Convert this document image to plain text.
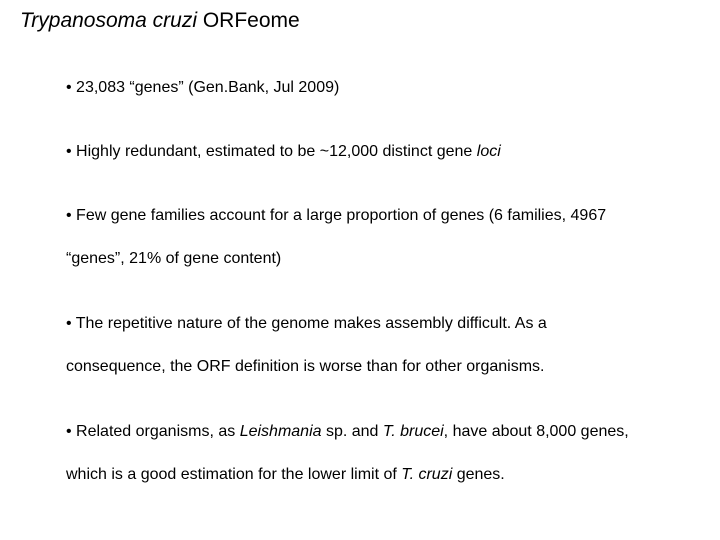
Trypanosoma cruzi ORFeome
• 23,083 “genes” (Gen.Bank, Jul 2009)
• Highly redundant, estimated to be ~12,000 distinct gene loci
• Few gene families account for a large proportion of genes (6 families, 4967
“genes”, 21% of gene content)
• The repetitive nature of the genome makes assembly difficult. As a
consequence, the ORF definition is worse than for other organisms.
• Related organisms, as Leishmania sp. and T. brucei, have about 8,000 genes,
which is a good estimation for the lower limit of T. cruzi genes.
